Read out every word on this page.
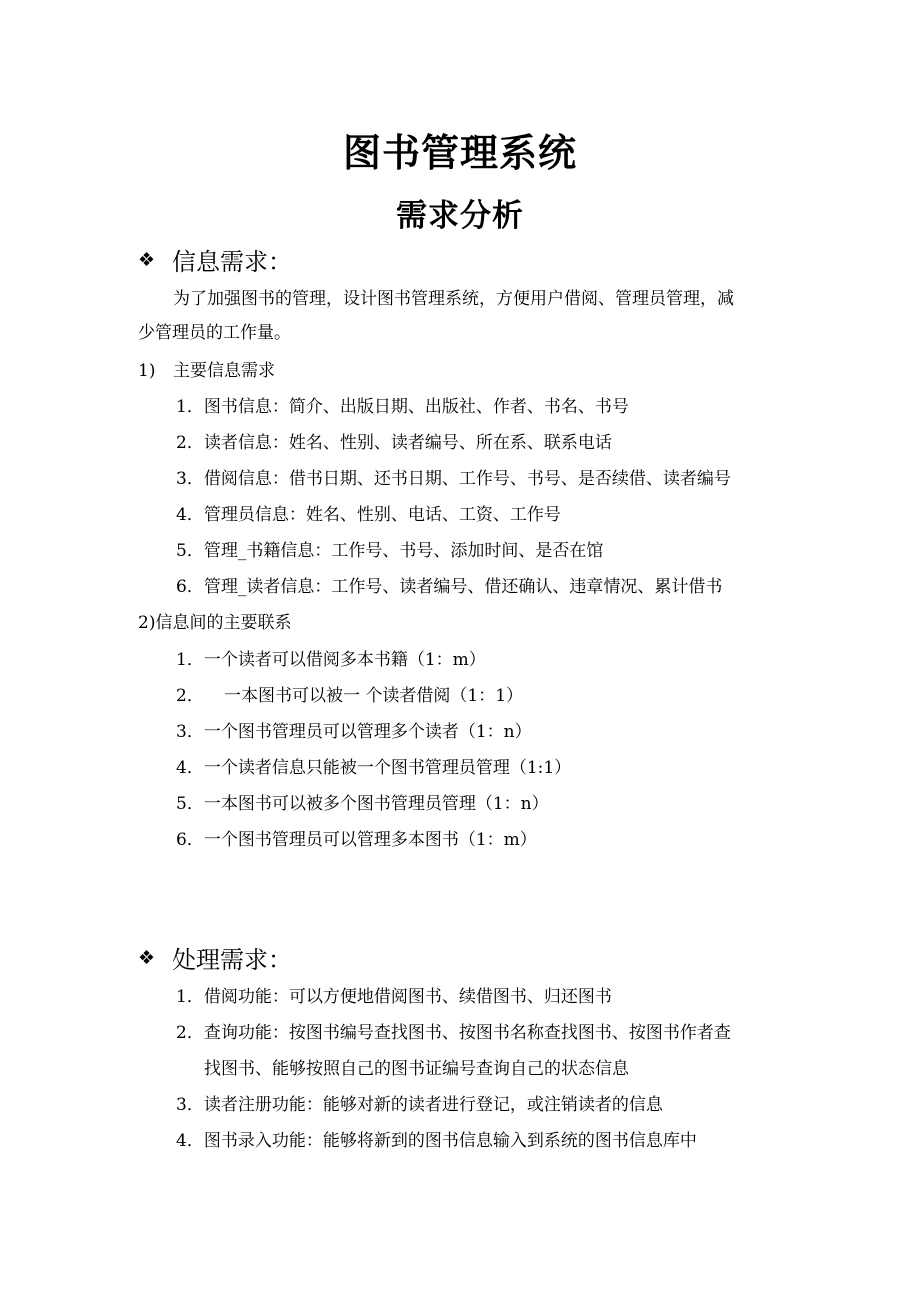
图书管理系统
需求分析
❖ 信息需求：
为了加强图书的管理，设计图书管理系统，方便用户借阅、管理员管理，减
少管理员的工作量。
1) 主要信息需求
1．图书信息：简介、出版日期、出版社、作者、书名、书号
2．读者信息：姓名、性别、读者编号、所在系、联系电话
3．借阅信息：借书日期、还书日期、工作号、书号、是否续借、读者编号
4．管理员信息：姓名、性别、电话、工资、工作号
5．管理_书籍信息：工作号、书号、添加时间、是否在馆
6．管理_读者信息：工作号、读者编号、借还确认、违章情况、累计借书
2)信息间的主要联系
1．一个读者可以借阅多本书籍（1：m）
2． 一本图书可以被一 个读者借阅（1：1）
3．一个图书管理员可以管理多个读者（1：n）
4．一个读者信息只能被一个图书管理员管理（1:1）
5．一本图书可以被多个图书管理员管理（1：n）
6．一个图书管理员可以管理多本图书（1：m）
❖ 处理需求：
1．借阅功能：可以方便地借阅图书、续借图书、归还图书
2．查询功能：按图书编号查找图书、按图书名称查找图书、按图书作者查
找图书、能够按照自己的图书证编号查询自己的状态信息
3．读者注册功能：能够对新的读者进行登记，或注销读者的信息
4．图书录入功能：能够将新到的图书信息输入到系统的图书信息库中
